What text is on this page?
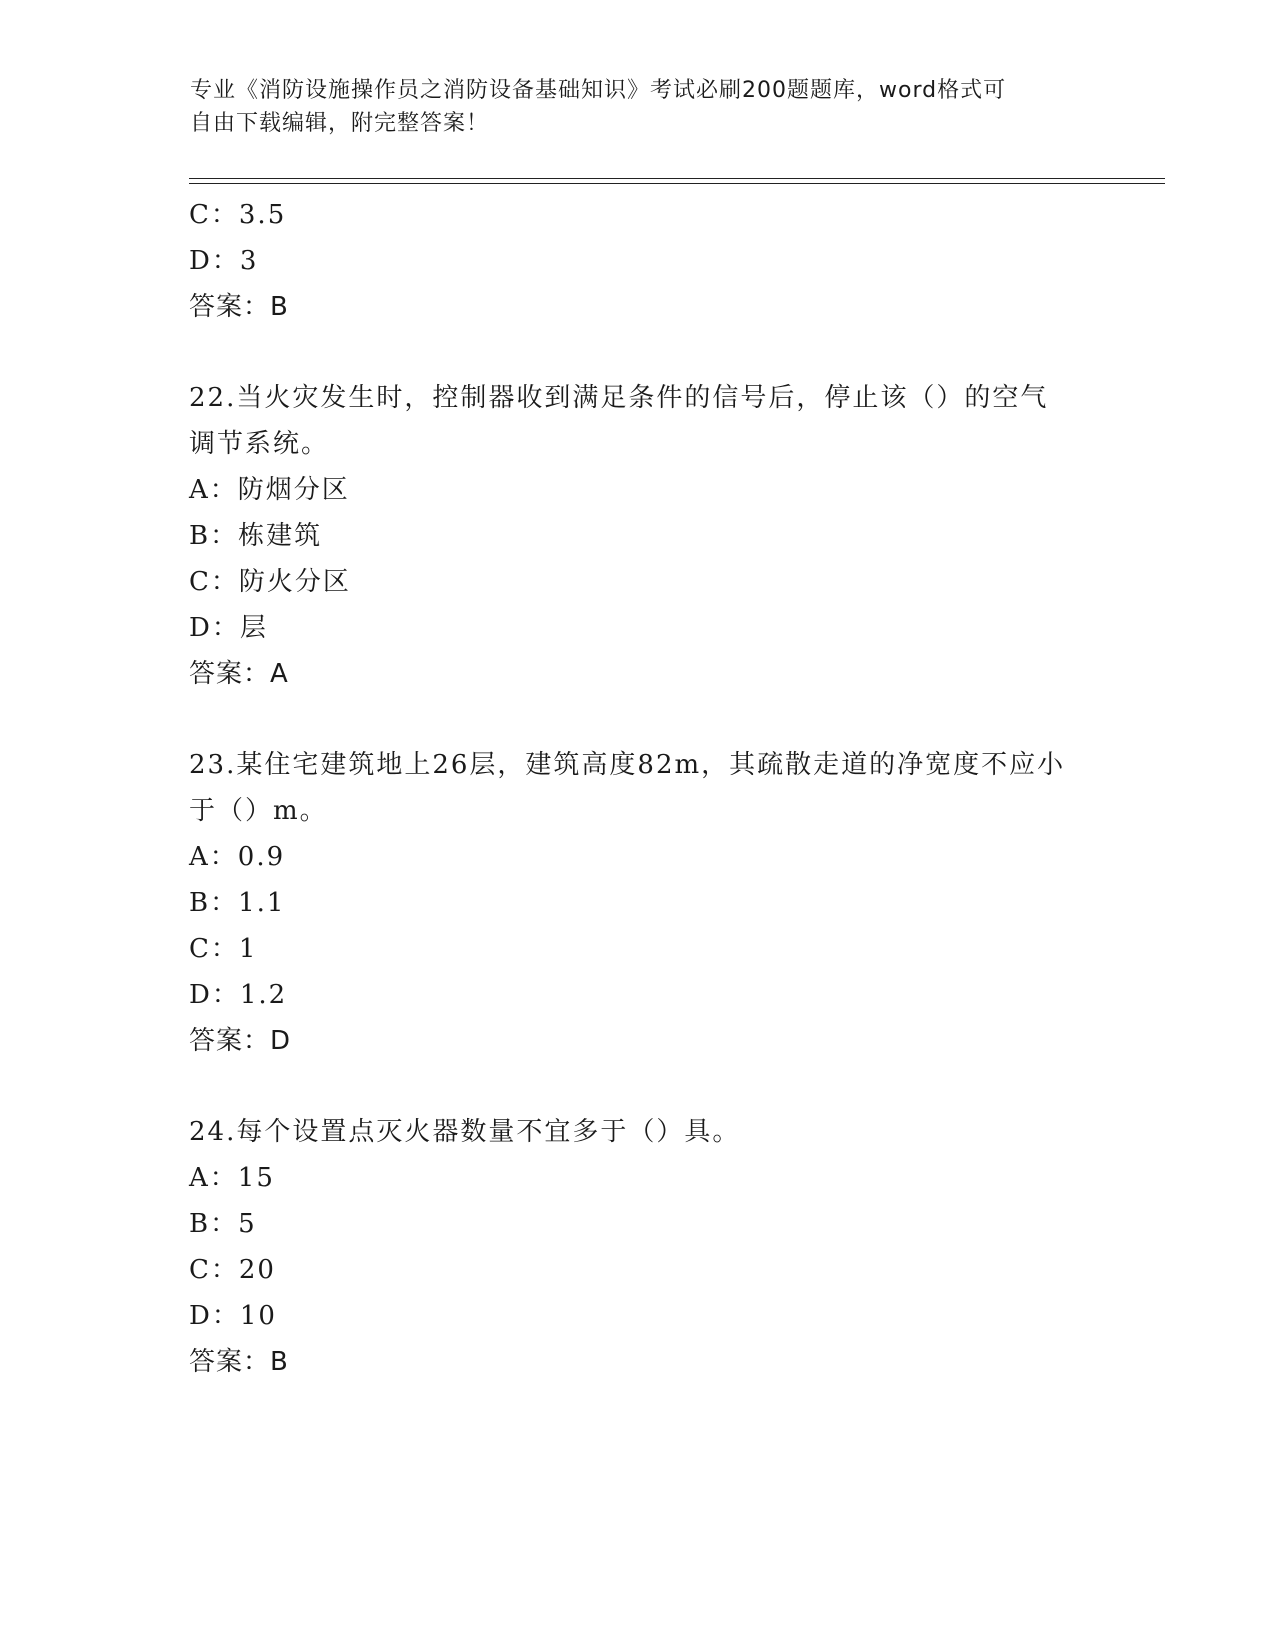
专业《消防设施操作员之消防设备基础知识》考试必刷200题题库，word格式可
自由下载编辑，附完整答案！
C：3.5
D：3
答案：B
22.当火灾发生时，控制器收到满足条件的信号后，停止该（）的空气
调节系统。
A：防烟分区
B：栋建筑
C：防火分区
D：层
答案：A
23.某住宅建筑地上26层，建筑高度82m，其疏散走道的净宽度不应小
于（）m。
A：0.9
B：1.1
C：1
D：1.2
答案：D
24.每个设置点灭火器数量不宜多于（）具。
A：15
B：5
C：20
D：10
答案：B
